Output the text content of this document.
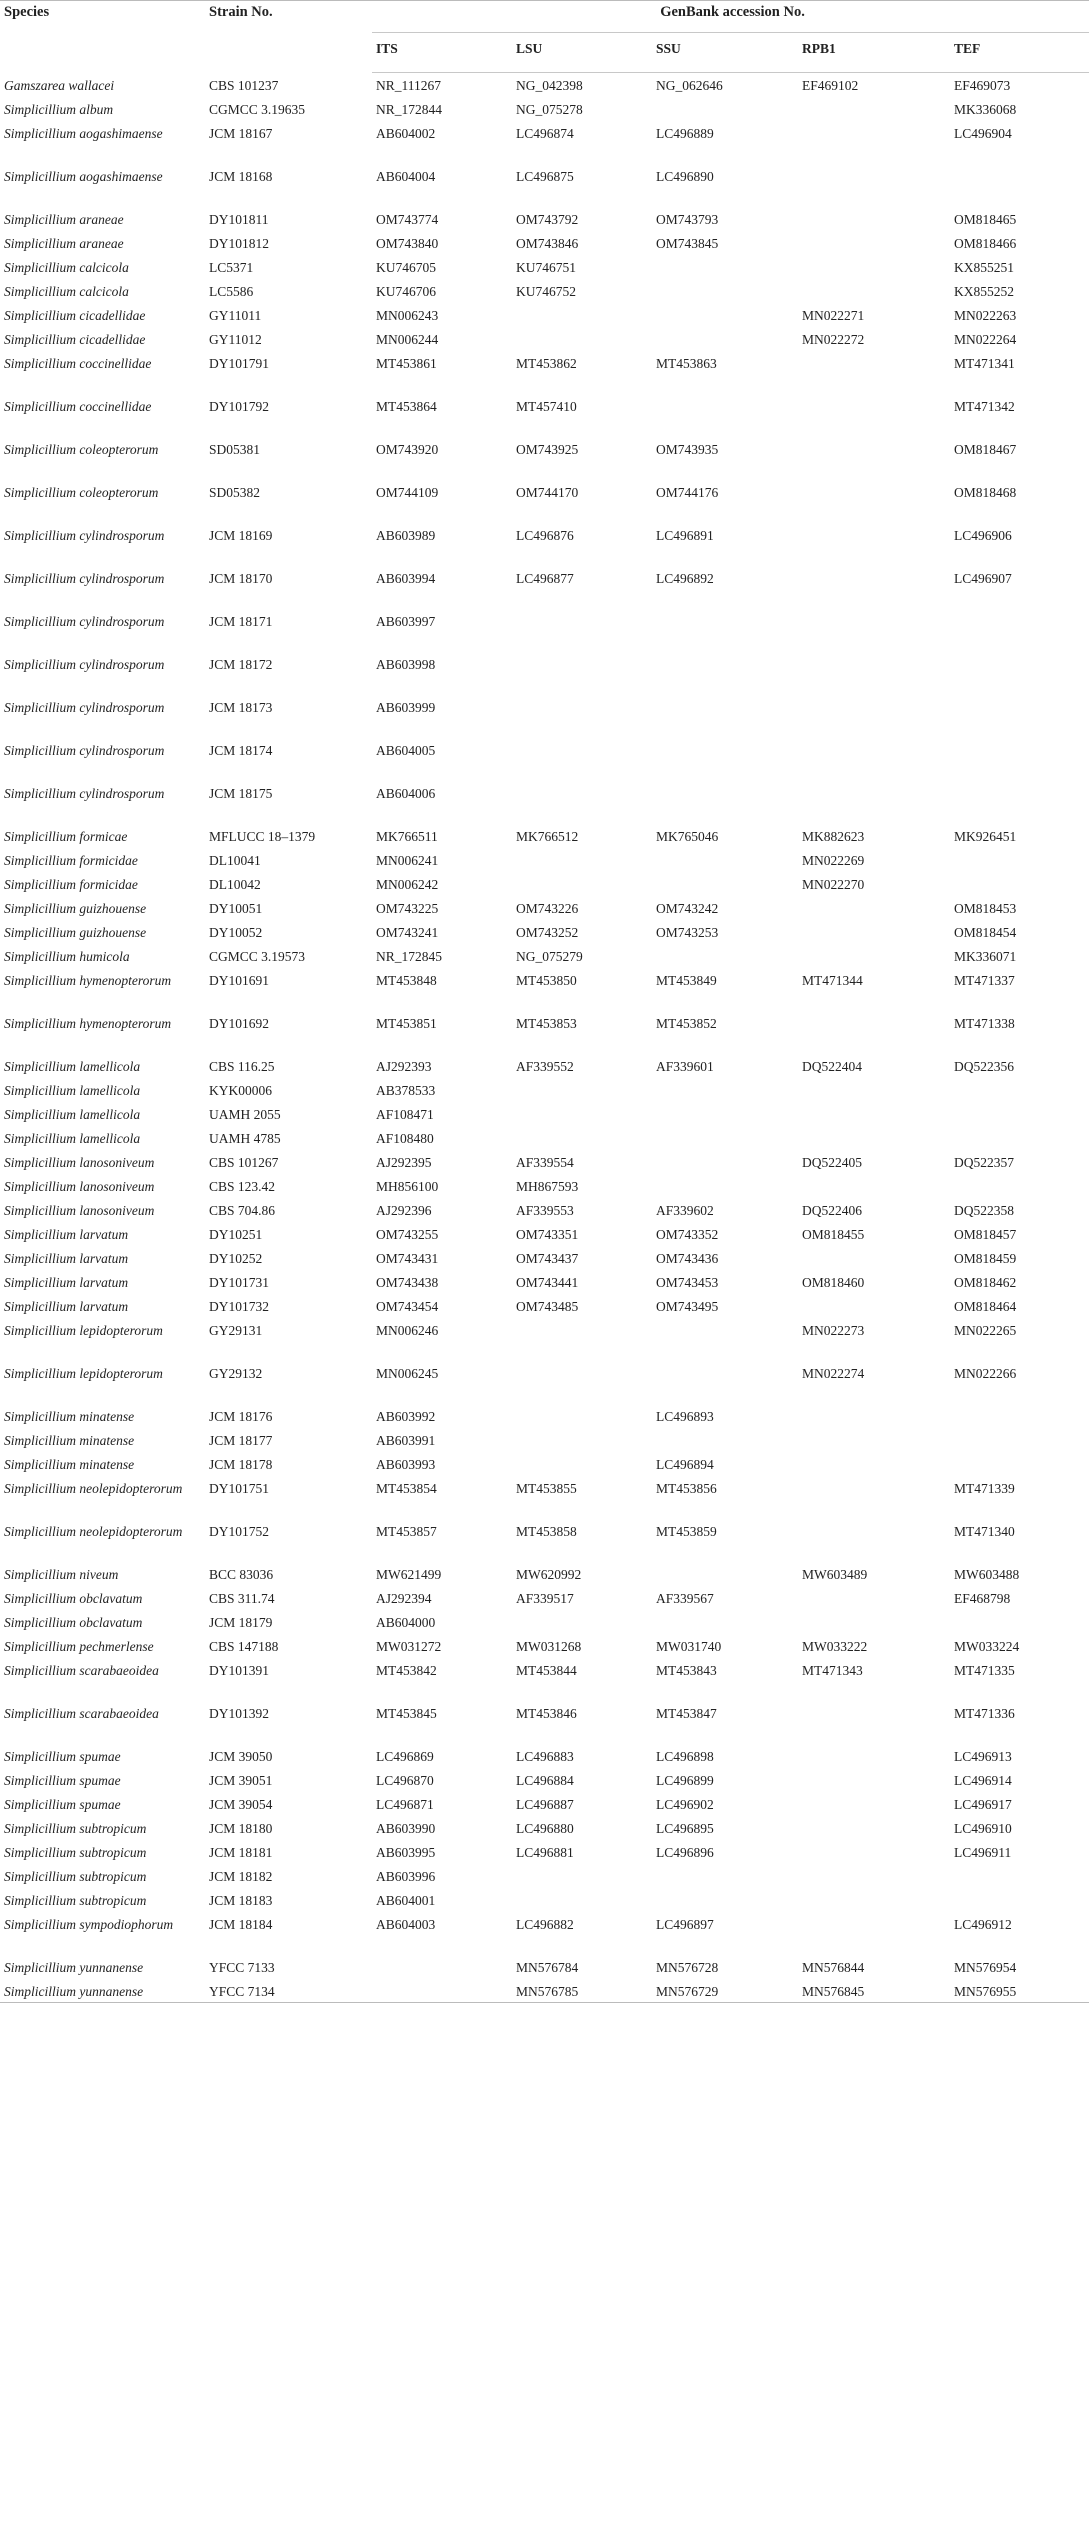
Species	Strain No.	GenBank accession No.				
		ITS	LSU	SSU	RPB1	TEF
Gamszarea wallacei	CBS 101237	NR_111267	NG_042398	NG_062646	EF469102	EF469073
Simplicillium album	CGMCC 3.19635	NR_172844	NG_075278			MK336068
Simplicillium aogashimaense	JCM 18167	AB604002	LC496874	LC496889		LC496904
Simplicillium aogashimaense	JCM 18168	AB604004	LC496875	LC496890		
Simplicillium araneae	DY101811	OM743774	OM743792	OM743793		OM818465
Simplicillium araneae	DY101812	OM743840	OM743846	OM743845		OM818466
Simplicillium calcicola	LC5371	KU746705	KU746751			KX855251
Simplicillium calcicola	LC5586	KU746706	KU746752			KX855252
Simplicillium cicadellidae	GY11011	MN006243			MN022271	MN022263
Simplicillium cicadellidae	GY11012	MN006244			MN022272	MN022264
Simplicillium coccinellidae	DY101791	MT453861	MT453862	MT453863		MT471341
Simplicillium coccinellidae	DY101792	MT453864	MT457410			MT471342
Simplicillium coleopterorum	SD05381	OM743920	OM743925	OM743935		OM818467
Simplicillium coleopterorum	SD05382	OM744109	OM744170	OM744176		OM818468
Simplicillium cylindrosporum	JCM 18169	AB603989	LC496876	LC496891		LC496906
Simplicillium cylindrosporum	JCM 18170	AB603994	LC496877	LC496892		LC496907
Simplicillium cylindrosporum	JCM 18171	AB603997				
Simplicillium cylindrosporum	JCM 18172	AB603998				
Simplicillium cylindrosporum	JCM 18173	AB603999				
Simplicillium cylindrosporum	JCM 18174	AB604005				
Simplicillium cylindrosporum	JCM 18175	AB604006				
Simplicillium formicae	MFLUCC 18–1379	MK766511	MK766512	MK765046	MK882623	MK926451
Simplicillium formicidae	DL10041	MN006241			MN022269	
Simplicillium formicidae	DL10042	MN006242			MN022270	
Simplicillium guizhouense	DY10051	OM743225	OM743226	OM743242		OM818453
Simplicillium guizhouense	DY10052	OM743241	OM743252	OM743253		OM818454
Simplicillium humicola	CGMCC 3.19573	NR_172845	NG_075279			MK336071
Simplicillium hymenopterorum	DY101691	MT453848	MT453850	MT453849	MT471344	MT471337
Simplicillium hymenopterorum	DY101692	MT453851	MT453853	MT453852		MT471338
Simplicillium lamellicola	CBS 116.25	AJ292393	AF339552	AF339601	DQ522404	DQ522356
Simplicillium lamellicola	KYK00006	AB378533				
Simplicillium lamellicola	UAMH 2055	AF108471				
Simplicillium lamellicola	UAMH 4785	AF108480				
Simplicillium lanosoniveum	CBS 101267	AJ292395	AF339554		DQ522405	DQ522357
Simplicillium lanosoniveum	CBS 123.42	MH856100	MH867593			
Simplicillium lanosoniveum	CBS 704.86	AJ292396	AF339553	AF339602	DQ522406	DQ522358
Simplicillium larvatum	DY10251	OM743255	OM743351	OM743352	OM818455	OM818457
Simplicillium larvatum	DY10252	OM743431	OM743437	OM743436		OM818459
Simplicillium larvatum	DY101731	OM743438	OM743441	OM743453	OM818460	OM818462
Simplicillium larvatum	DY101732	OM743454	OM743485	OM743495		OM818464
Simplicillium lepidopterorum	GY29131	MN006246			MN022273	MN022265
Simplicillium lepidopterorum	GY29132	MN006245			MN022274	MN022266
Simplicillium minatense	JCM 18176	AB603992		LC496893		
Simplicillium minatense	JCM 18177	AB603991				
Simplicillium minatense	JCM 18178	AB603993		LC496894		
Simplicillium neolepidopterorum	DY101751	MT453854	MT453855	MT453856		MT471339
Simplicillium neolepidopterorum	DY101752	MT453857	MT453858	MT453859		MT471340
Simplicillium niveum	BCC 83036	MW621499	MW620992		MW603489	MW603488
Simplicillium obclavatum	CBS 311.74	AJ292394	AF339517	AF339567		EF468798
Simplicillium obclavatum	JCM 18179	AB604000				
Simplicillium pechmerlense	CBS 147188	MW031272	MW031268	MW031740	MW033222	MW033224
Simplicillium scarabaeoidea	DY101391	MT453842	MT453844	MT453843	MT471343	MT471335
Simplicillium scarabaeoidea	DY101392	MT453845	MT453846	MT453847		MT471336
Simplicillium spumae	JCM 39050	LC496869	LC496883	LC496898		LC496913
Simplicillium spumae	JCM 39051	LC496870	LC496884	LC496899		LC496914
Simplicillium spumae	JCM 39054	LC496871	LC496887	LC496902		LC496917
Simplicillium subtropicum	JCM 18180	AB603990	LC496880	LC496895		LC496910
Simplicillium subtropicum	JCM 18181	AB603995	LC496881	LC496896		LC496911
Simplicillium subtropicum	JCM 18182	AB603996				
Simplicillium subtropicum	JCM 18183	AB604001				
Simplicillium sympodiophorum	JCM 18184	AB604003	LC496882	LC496897		LC496912
Simplicillium yunnanense	YFCC 7133		MN576784	MN576728	MN576844	MN576954
Simplicillium yunnanense	YFCC 7134		MN576785	MN576729	MN576845	MN576955
